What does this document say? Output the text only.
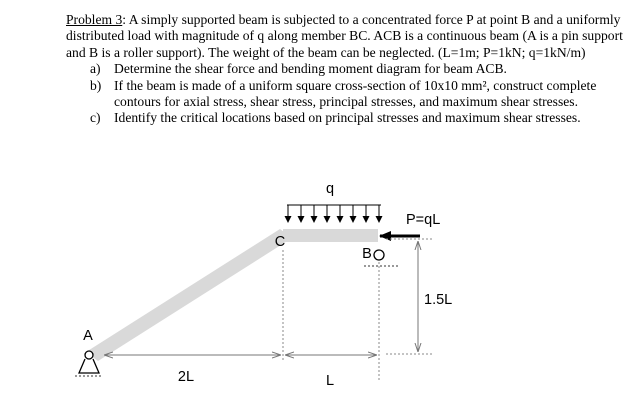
Problem 3: A simply supported beam is subjected to a concentrated force P at point B and a uniformly distributed load with magnitude of q along member BC. ACB is a continuous beam (A is a pin support and B is a roller support). The weight of the beam can be neglected. (L=1m; P=1kN; q=1kN/m)

a) Determine the shear force and bending moment diagram for beam ACB.
b) If the beam is made of a uniform square cross-section of 10x10 mm², construct complete contours for axial stress, shear stress, principal stresses, and maximum shear stresses.
c) Identify the critical locations based on principal stresses and maximum shear stresses.
q
P=qL
C
B
A
2L	L
1.5L
